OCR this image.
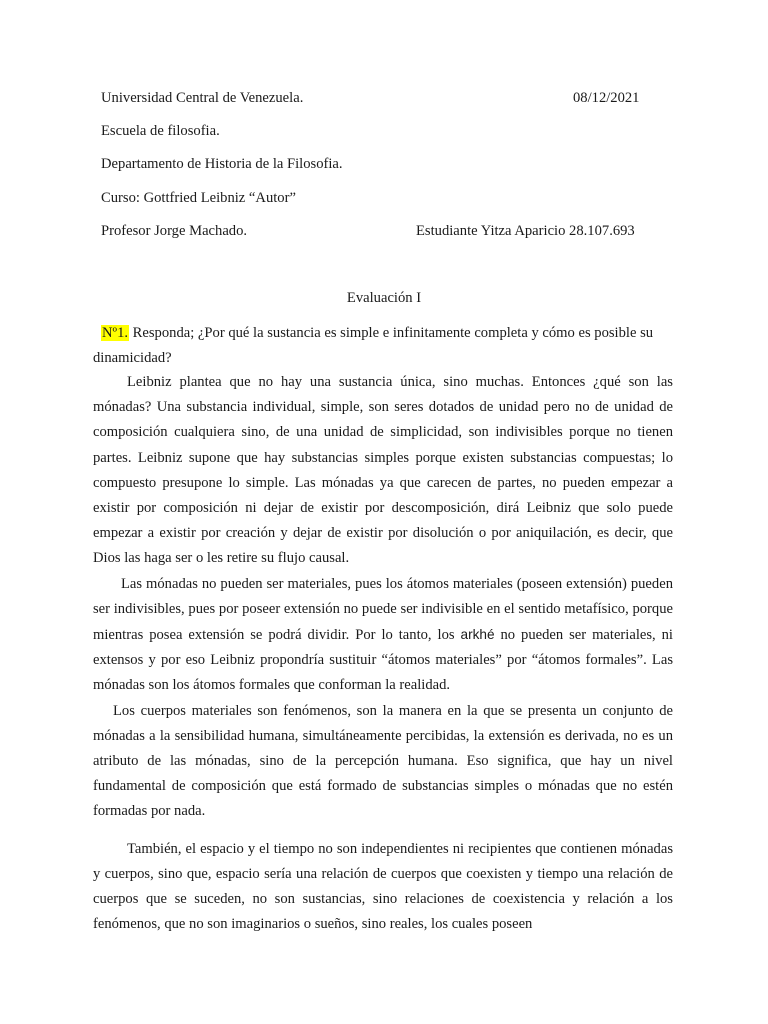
Universidad Central de Venezuela.	08/12/2021
Escuela de filosofia.
Departamento de Historia de la Filosofia.
Curso: Gottfried Leibniz “Autor”
Profesor Jorge Machado.	Estudiante Yitza Aparicio 28.107.693
Evaluación I
Nº1. Responda; ¿Por qué la sustancia es simple e infinitamente completa y cómo es posible su dinamicidad?

Leibniz plantea que no hay una sustancia única, sino muchas. Entonces ¿qué son las mónadas? Una substancia individual, simple, son seres dotados de unidad pero no de unidad de composición cualquiera sino, de una unidad de simplicidad, son indivisibles porque no tienen partes. Leibniz supone que hay substancias simples porque existen substancias compuestas; lo compuesto presupone lo simple. Las mónadas ya que carecen de partes, no pueden empezar a existir por composición ni dejar de existir por descomposición, dirá Leibniz que solo puede empezar a existir por creación y dejar de existir por disolución o por aniquilación, es decir, que Dios las haga ser o les retire su flujo causal.

Las mónadas no pueden ser materiales, pues los átomos materiales (poseen extensión) pueden ser indivisibles, pues por poseer extensión no puede ser indivisible en el sentido metafísico, porque mientras posea extensión se podrá dividir. Por lo tanto, los arkhé no pueden ser materiales, ni extensos y por eso Leibniz propondría sustituir “átomos materiales” por “átomos formales”. Las mónadas son los átomos formales que conforman la realidad.

Los cuerpos materiales son fenómenos, son la manera en la que se presenta un conjunto de mónadas a la sensibilidad humana, simultáneamente percibidas, la extensión es derivada, no es un atributo de las mónadas, sino de la percepción humana. Eso significa, que hay un nivel fundamental de composición que está formado de substancias simples o mónadas que no estén formadas por nada.

También, el espacio y el tiempo no son independientes ni recipientes que contienen mónadas y cuerpos, sino que, espacio sería una relación de cuerpos que coexisten y tiempo una relación de cuerpos que se suceden, no son sustancias, sino relaciones de coexistencia y relación a los fenómenos, que no son imaginarios o sueños, sino reales, los cuales poseen
